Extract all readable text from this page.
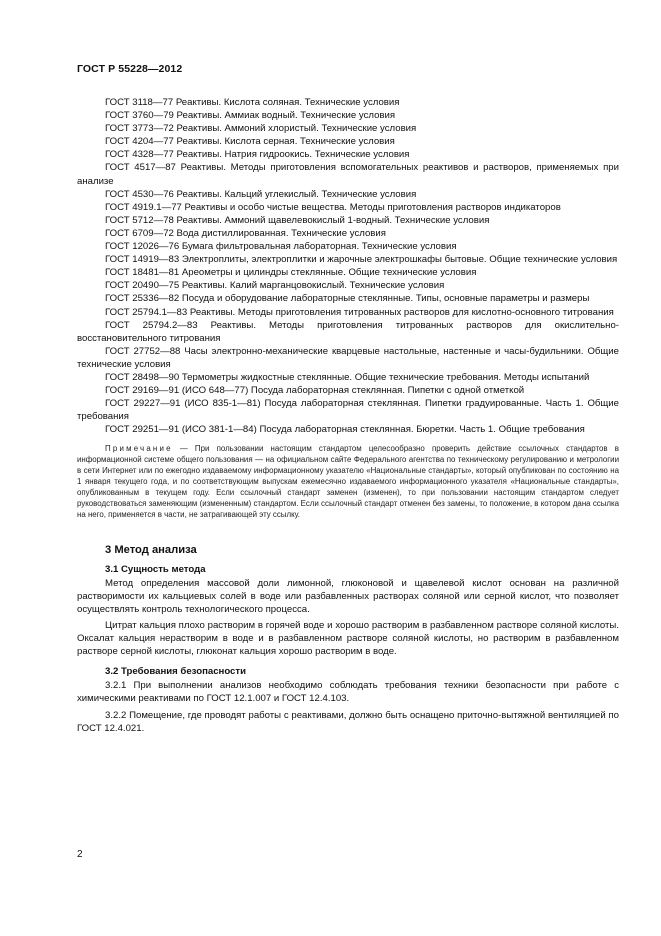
ГОСТ Р 55228—2012

ГОСТ 3118—77 Реактивы. Кислота соляная. Технические условия

ГОСТ 3760—79 Реактивы. Аммиак водный. Технические условия

ГОСТ 3773—72 Реактивы. Аммоний хлористый. Технические условия

ГОСТ 4204—77 Реактивы. Кислота серная. Технические условия

ГОСТ 4328—77 Реактивы. Натрия гидроокись. Технические условия

ГОСТ 4517—87 Реактивы. Методы приготовления вспомогательных реактивов и растворов, применяемых при анализе

ГОСТ 4530—76 Реактивы. Кальций углекислый. Технические условия

ГОСТ 4919.1—77 Реактивы и особо чистые вещества. Методы приготовления растворов индикаторов

ГОСТ 5712—78 Реактивы. Аммоний щавелевокислый 1-водный. Технические условия

ГОСТ 6709—72 Вода дистиллированная. Технические условия

ГОСТ 12026—76 Бумага фильтровальная лабораторная. Технические условия

ГОСТ 14919—83 Электроплиты, электроплитки и жарочные электрошкафы бытовые. Общие технические условия

ГОСТ 18481—81 Ареометры и цилиндры стеклянные. Общие технические условия

ГОСТ 20490—75 Реактивы. Калий марганцовокислый. Технические условия

ГОСТ 25336—82 Посуда и оборудование лабораторные стеклянные. Типы, основные параметры и размеры

ГОСТ 25794.1—83 Реактивы. Методы приготовления титрованных растворов для кислотно-основного титрования

ГОСТ 25794.2—83 Реактивы. Методы приготовления титрованных растворов для окислительно-восстановительного титрования

ГОСТ 27752—88 Часы электронно-механические кварцевые настольные, настенные и часы-будильники. Общие технические условия

ГОСТ 28498—90 Термометры жидкостные стеклянные. Общие технические требования. Методы испытаний

ГОСТ 29169—91 (ИСО 648—77) Посуда лабораторная стеклянная. Пипетки с одной отметкой

ГОСТ 29227—91 (ИСО 835-1—81) Посуда лабораторная стеклянная. Пипетки градуированные. Часть 1. Общие требования

ГОСТ 29251—91 (ИСО 381-1—84) Посуда лабораторная стеклянная. Бюретки. Часть 1. Общие требования

Примечание — При пользовании настоящим стандартом целесообразно проверить действие ссылочных стандартов в информационной системе общего пользования — на официальном сайте Федерального агентства по техническому регулированию и метрологии в сети Интернет или по ежегодно издаваемому информационному указателю «Национальные стандарты», который опубликован по состоянию на 1 января текущего года, и по соответствующим выпускам ежемесячно издаваемого информационного указателя «Национальные стандарты», опубликованным в текущем году. Если ссылочный стандарт заменен (изменен), то при пользовании настоящим стандартом следует руководствоваться заменяющим (измененным) стандартом. Если ссылочный стандарт отменен без замены, то положение, в котором дана ссылка на него, применяется в части, не затрагивающей эту ссылку.

3 Метод анализа
3.1 Сущность метода

Метод определения массовой доли лимонной, глюконовой и щавелевой кислот основан на различной растворимости их кальциевых солей в воде или разбавленных растворах соляной или серной кислот, что позволяет осуществлять контроль технологического процесса.

Цитрат кальция плохо растворим в горячей воде и хорошо растворим в разбавленном растворе соляной кислоты. Оксалат кальция нерастворим в воде и в разбавленном растворе соляной кислоты, но растворим в разбавленном растворе серной кислоты, глюконат кальция хорошо растворим в воде.

3.2 Требования безопасности

3.2.1 При выполнении анализов необходимо соблюдать требования техники безопасности при работе с химическими реактивами по ГОСТ 12.1.007 и ГОСТ 12.4.103.

3.2.2 Помещение, где проводят работы с реактивами, должно быть оснащено приточно-вытяжной вентиляцией по ГОСТ 12.4.021.

2
